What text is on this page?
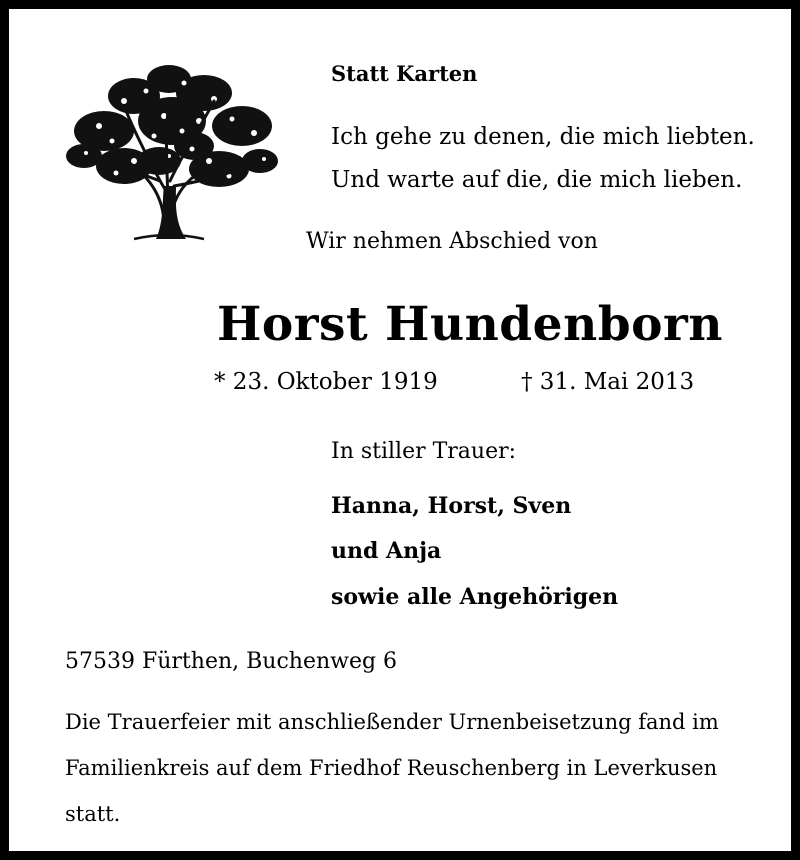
Statt Karten
Ich gehe zu denen, die mich liebten.
Und warte auf die, die mich lieben.
Wir nehmen Abschied von
Horst Hundenborn
* 23. Oktober 1919	† 31. Mai 2013
In stiller Trauer:
Hanna, Horst, Sven
und Anja
sowie alle Angehörigen
57539 Fürthen, Buchenweg 6
Die Trauerfeier mit anschließender Urnenbeisetzung fand im
Familienkreis auf dem Friedhof Reuschenberg in Leverkusen
statt.
